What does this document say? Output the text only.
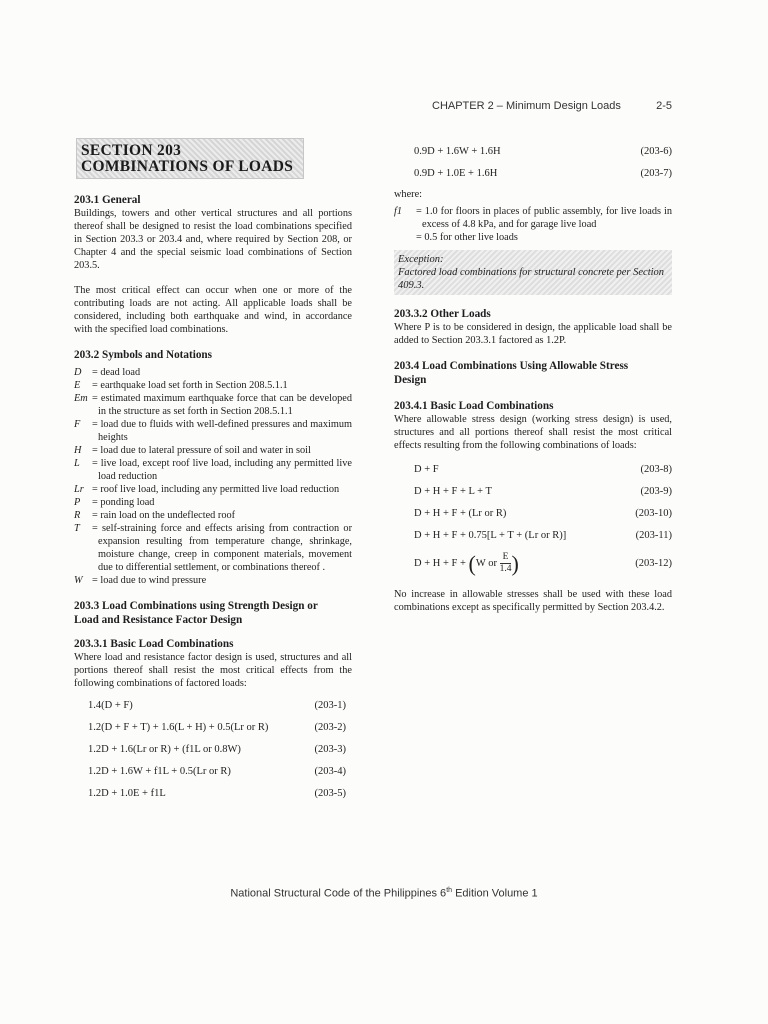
CHAPTER 2 – Minimum Design Loads	2-5
SECTION 203
COMBINATIONS OF LOADS
203.1 General

Buildings, towers and other vertical structures and all portions thereof shall be designed to resist the load combinations specified in Section 203.3 or 203.4 and, where required by Section 208, or Chapter 4 and the special seismic load combinations of Section 203.5.

The most critical effect can occur when one or more of the contributing loads are not acting. All applicable loads shall be considered, including both earthquake and wind, in accordance with the specified load combinations.

203.2 Symbols and Notations
D	= dead load
E	= earthquake load set forth in Section 208.5.1.1
Em = estimated maximum earthquake force that can be developed in the structure as set forth in Section 208.5.1.1
F	= load due to fluids with well-defined pressures and maximum heights
H	= load due to lateral pressure of soil and water in soil
L	= live load, except roof live load, including any permitted live load reduction
Lr = roof live load, including any permitted live load reduction
P	= ponding load
R	= rain load on the undeflected roof
T	= self-straining force and effects arising from contraction or expansion resulting from temperature change, shrinkage, moisture change, creep in component materials, movement due to differential settlement, or combinations thereof .
W = load due to wind pressure
203.3 Load Combinations using Strength Design or
Load and Resistance Factor Design
203.3.1 Basic Load Combinations

Where load and resistance factor design is used, structures and all portions thereof shall resist the most critical effects from the following combinations of factored loads:

1.4(D + F)	(203-1)
1.2(D + F + T) + 1.6(L + H) + 0.5(Lr or R)	(203-2)
1.2D + 1.6(Lr or R) + (f1L or 0.8W)	(203-3)
1.2D + 1.6W + f1L + 0.5(Lr or R)	(203-4)
1.2D + 1.0E + f1L	(203-5)
0.9D + 1.6W + 1.6H	(203-6)
0.9D + 1.0E + 1.6H	(203-7)

where:

f1	= 1.0 for floors in places of public assembly, for live loads in excess of 4.8 kPa, and for garage live load
= 0.5 for other live loads
Exception:
Factored load combinations for structural concrete per Section 409.3.
203.3.2 Other Loads

Where P is to be considered in design, the applicable load shall be added to Section 203.3.1 factored as 1.2P.

203.4 Load Combinations Using Allowable Stress
Design
203.4.1 Basic Load Combinations

Where allowable stress design (working stress design) is used, structures and all portions thereof shall resist the most critical effects resulting from the following combinations of loads:

D + F	(203-8)
D + H + F + L + T	(203-9)
D + H + F + (Lr or R)	(203-10)
D + H + F + 0.75[L + T + (Lr or R)]	(203-11)
D + H + F + (W or $\frac{E}{1.4}$ )	(203-12)

No increase in allowable stresses shall be used with these load combinations except as specifically permitted by Section 203.4.2.

National Structural Code of the Philippines 6th Edition Volume 1
